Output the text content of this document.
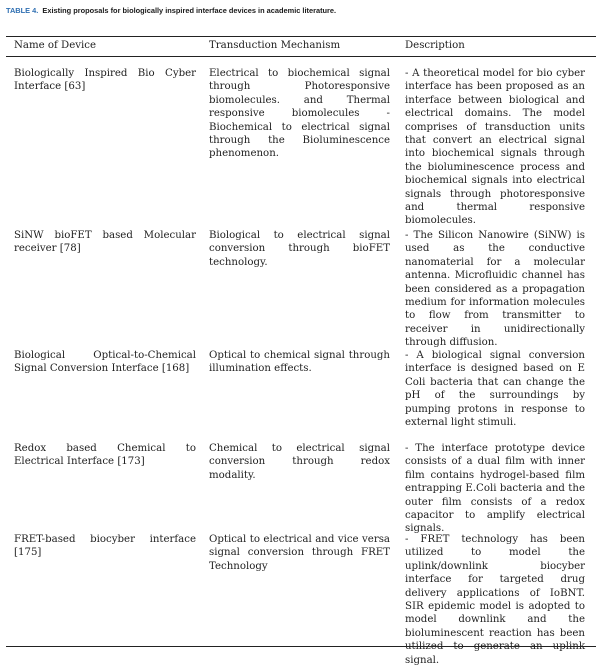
TABLE 4. Existing proposals for biologically inspired interface devices in academic literature.
Name of Device	Transduction Mechanism	Description
Biologically Inspired Bio Cyber Interface [63]
Electrical to biochemical signal through Photoresponsive biomolecules. and Thermal responsive biomolecules - Biochemical to electrical signal through the Bioluminescence phenomenon.
- A theoretical model for bio cyber interface has been proposed as an interface between biological and electrical domains. The model comprises of transduction units that convert an electrical signal into biochemical signals through the bioluminescence process and biochemical signals into electrical signals through photoresponsive and thermal responsive biomolecules.
SiNW bioFET based Molecular receiver [78]
Biological to electrical signal conversion through bioFET technology.
- The Silicon Nanowire (SiNW) is used as the conductive nanomaterial for a molecular antenna. Microfluidic channel has been considered as a propagation medium for information molecules to flow from transmitter to receiver in unidirectionally through diffusion.
Biological Optical-to-Chemical Signal Conversion Interface [168]
Optical to chemical signal through illumination effects.
- A biological signal conversion interface is designed based on E Coli bacteria that can change the pH of the surroundings by pumping protons in response to external light stimuli.
Redox based Chemical to Electrical Interface [173]
Chemical to electrical signal conversion through redox modality.
- The interface prototype device consists of a dual film with inner film contains hydrogel-based film entrapping E.Coli bacteria and the outer film consists of a redox capacitor to amplify electrical signals.
FRET-based biocyber interface [175]
Optical to electrical and vice versa signal conversion through FRET Technology
- FRET technology has been utilized to model the uplink/downlink biocyber interface for targeted drug delivery applications of IoBNT. SIR epidemic model is adopted to model downlink and the bioluminescent reaction has been signal.
